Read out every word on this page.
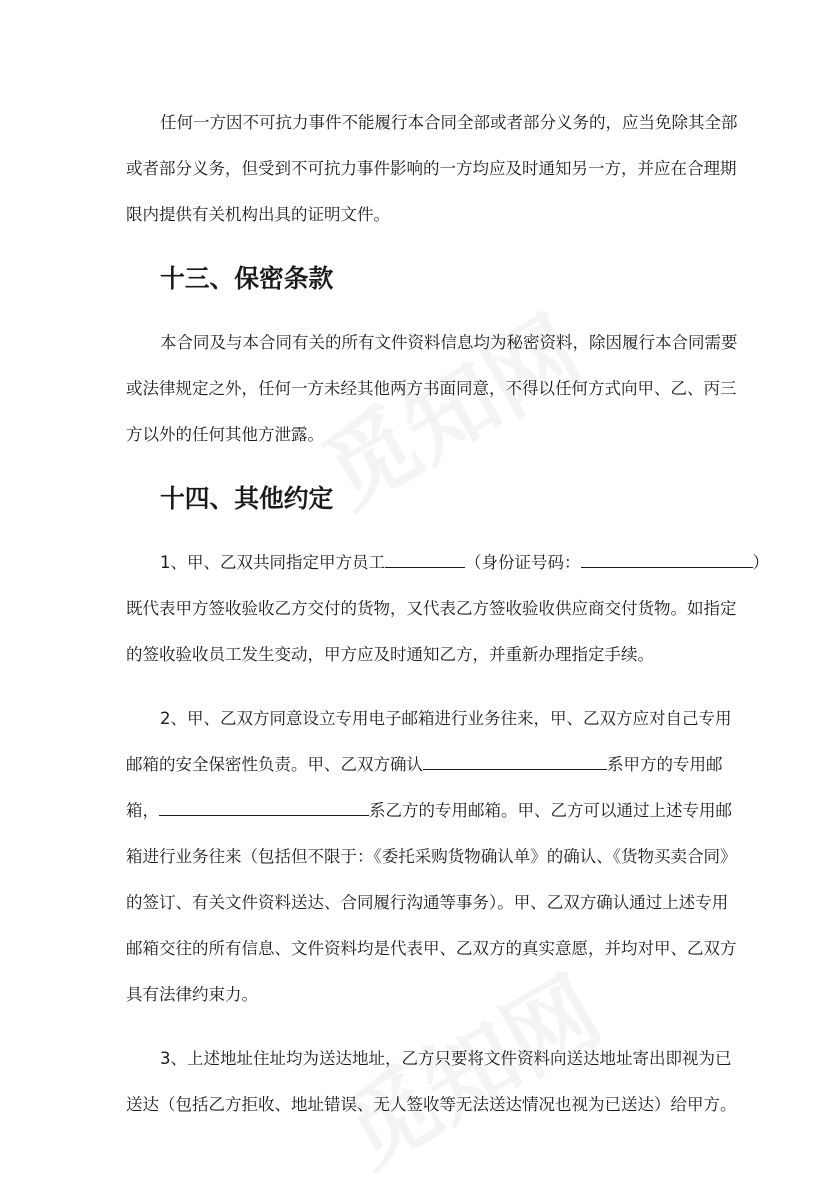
任何一方因不可抗力事件不能履行本合同全部或者部分义务的，应当免除其全部

或者部分义务，但受到不可抗力事件影响的一方均应及时通知另一方，并应在合理期

限内提供有关机构出具的证明文件。

十三、保密条款

本合同及与本合同有关的所有文件资料信息均为秘密资料，除因履行本合同需要

或法律规定之外，任何一方未经其他两方书面同意，不得以任何方式向甲、乙、丙三

方以外的任何其他方泄露。

十四、其他约定

1、甲、乙双共同指定甲方员工	（身份证号码：	）

既代表甲方签收验收乙方交付的货物，又代表乙方签收验收供应商交付货物。如指定

的签收验收员工发生变动，甲方应及时通知乙方，并重新办理指定手续。

2、甲、乙双方同意设立专用电子邮箱进行业务往来，甲、乙双方应对自己专用

邮箱的安全保密性负责。甲、乙双方确认	系甲方的专用邮

箱，	系乙方的专用邮箱。甲、乙方可以通过上述专用邮

箱进行业务往来（包括但不限于：《委托采购货物确认单》的确认、《货物买卖合同》

的签订、有关文件资料送达、合同履行沟通等事务）。甲、乙双方确认通过上述专用

邮箱交往的所有信息、文件资料均是代表甲、乙双方的真实意愿，并均对甲、乙双方

具有法律约束力。

3、上述地址住址均为送达地址，乙方只要将文件资料向送达地址寄出即视为已

送达（包括乙方拒收、地址错误、无人签收等无法送达情况也视为已送达）给甲方。
